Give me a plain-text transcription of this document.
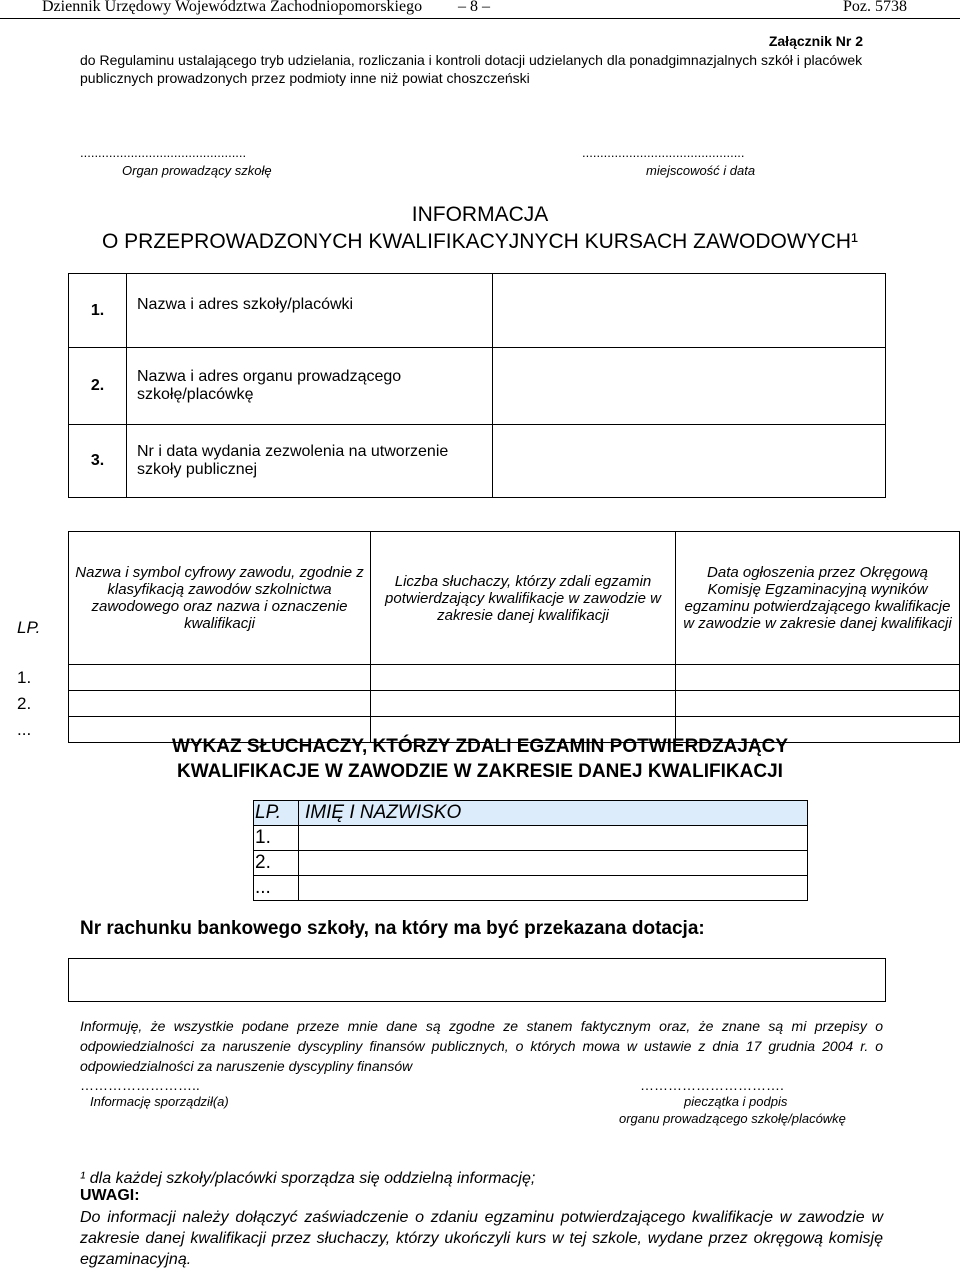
Dziennik Urzędowy Województwa Zachodniopomorskiego – 8 –	Poz. 5738
Załącznik Nr 2
do Regulaminu ustalającego tryb udzielania, rozliczania i kontroli dotacji udzielanych dla ponadgimnazjalnych szkół i placówek publicznych prowadzonych przez podmioty inne niż powiat choszczeński
..............................................
Organ prowadzący szkołę
.............................................
miejscowość i data
INFORMACJA
O PRZEPROWADZONYCH KWALIFIKACYJNYCH KURSACH ZAWODOWYCH¹
1.	Nazwa i adres szkoły/placówki	
2.	Nazwa i adres organu prowadzącego szkołę/placówkę	
3.	Nr i data wydania zezwolenia na utworzenie szkoły publicznej	
LP.	Nazwa i symbol cyfrowy zawodu, zgodnie z klasyfikacją zawodów szkolnictwa zawodowego oraz nazwa i oznaczenie kwalifikacji	Liczba słuchaczy, którzy zdali egzamin potwierdzający kwalifikacje w zawodzie w zakresie danej kwalifikacji	Data ogłoszenia przez Okręgową Komisję Egzaminacyjną wyników egzaminu potwierdzającego kwalifikacje w zawodzie w zakresie danej kwalifikacji
1.			
2.			
...			
WYKAZ SŁUCHACZY, KTÓRZY ZDALI EGZAMIN POTWIERDZAJĄCY
KWALIFIKACJE W ZAWODZIE W ZAKRESIE DANEJ KWALIFIKACJI
LP.	IMIĘ I NAZWISKO
1.	
2.	
...	
Nr rachunku bankowego szkoły, na który ma być przekazana dotacja:
Informuję, że wszystkie podane przeze mnie dane są zgodne ze stanem faktycznym oraz, że znane są mi przepisy o odpowiedzialności za naruszenie dyscypliny finansów publicznych, o których mowa w ustawie z dnia 17 grudnia 2004 r. o odpowiedzialności za naruszenie dyscypliny finansów
……………………..
Informację sporządził(a)
………………………….
pieczątka i podpis
organu prowadzącego szkołę/placówkę
¹ dla każdej szkoły/placówki sporządza się oddzielną informację;
UWAGI:
Do informacji należy dołączyć zaświadczenie o zdaniu egzaminu potwierdzającego kwalifikacje w zawodzie w zakresie danej kwalifikacji przez słuchaczy, którzy ukończyli kurs w tej szkole, wydane przez okręgową komisję egzaminacyjną.
